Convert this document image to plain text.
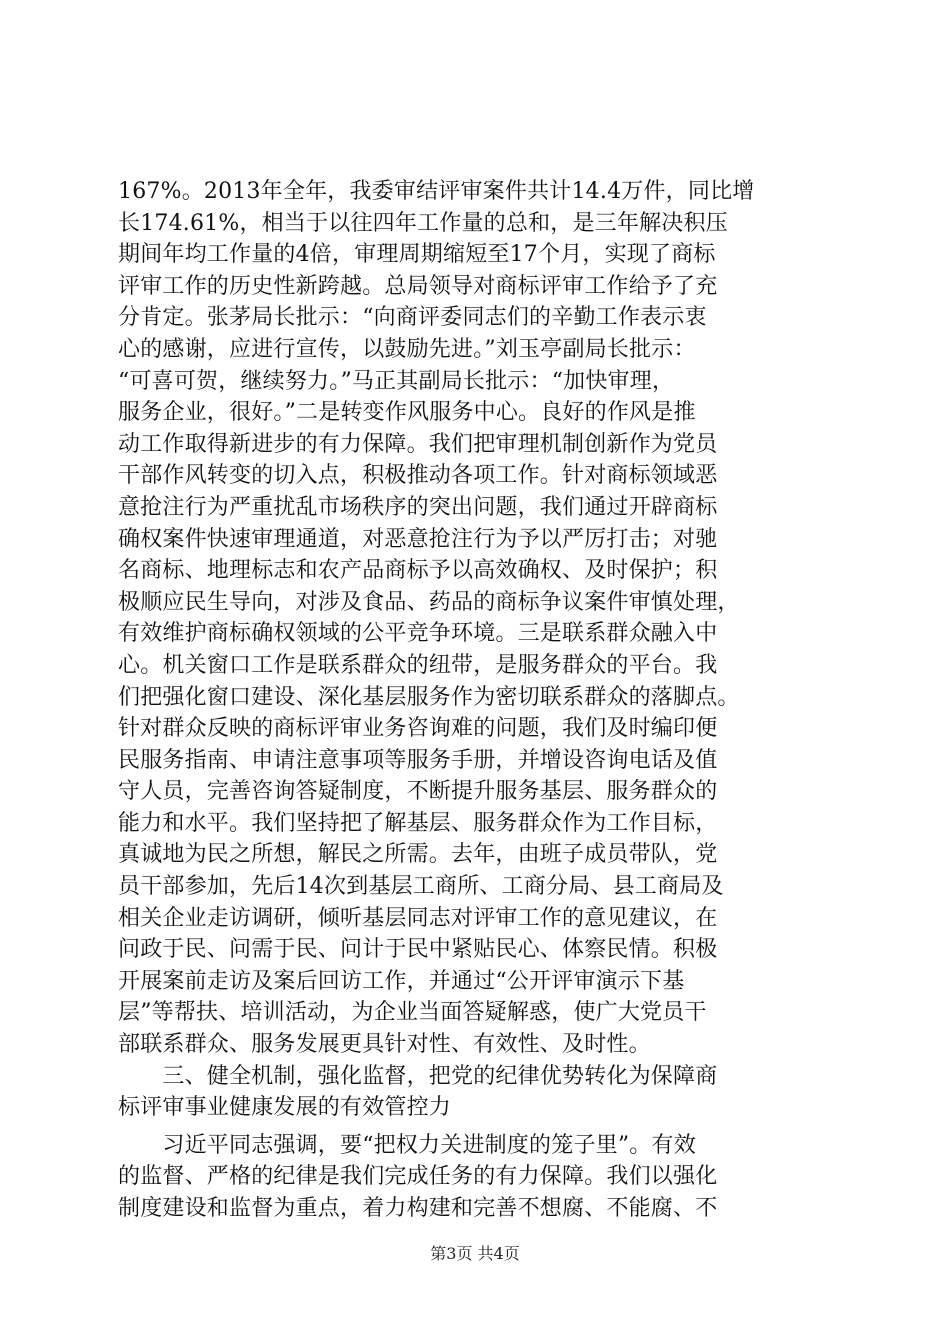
167%。2013年全年，我委审结评审案件共计14.4万件，同比增
长174.61%，相当于以往四年工作量的总和，是三年解决积压
期间年均工作量的4倍，审理周期缩短至17个月，实现了商标
评审工作的历史性新跨越。总局领导对商标评审工作给予了充
分肯定。张茅局长批示：“向商评委同志们的辛勤工作表示衷
心的感谢，应进行宣传，以鼓励先进。”刘玉亭副局长批示：
“可喜可贺，继续努力。”马正其副局长批示：“加快审理，
服务企业，很好。”二是转变作风服务中心。良好的作风是推
动工作取得新进步的有力保障。我们把审理机制创新作为党员
干部作风转变的切入点，积极推动各项工作。针对商标领域恶
意抢注行为严重扰乱市场秩序的突出问题，我们通过开辟商标
确权案件快速审理通道，对恶意抢注行为予以严厉打击；对驰
名商标、地理标志和农产品商标予以高效确权、及时保护；积
极顺应民生导向，对涉及食品、药品的商标争议案件审慎处理，
有效维护商标确权领域的公平竞争环境。三是联系群众融入中
心。机关窗口工作是联系群众的纽带，是服务群众的平台。我
们把强化窗口建设、深化基层服务作为密切联系群众的落脚点。
针对群众反映的商标评审业务咨询难的问题，我们及时编印便
民服务指南、申请注意事项等服务手册，并增设咨询电话及值
守人员，完善咨询答疑制度，不断提升服务基层、服务群众的
能力和水平。我们坚持把了解基层、服务群众作为工作目标，
真诚地为民之所想，解民之所需。去年，由班子成员带队，党
员干部参加，先后14次到基层工商所、工商分局、县工商局及
相关企业走访调研，倾听基层同志对评审工作的意见建议，在
问政于民、问需于民、问计于民中紧贴民心、体察民情。积极
开展案前走访及案后回访工作，并通过“公开评审演示下基
层”等帮扶、培训活动，为企业当面答疑解惑，使广大党员干
部联系群众、服务发展更具针对性、有效性、及时性。
　　三、健全机制，强化监督，把党的纪律优势转化为保障商
标评审事业健康发展的有效管控力
　　习近平同志强调，要“把权力关进制度的笼子里”。有效
的监督、严格的纪律是我们完成任务的有力保障。我们以强化
制度建设和监督为重点，着力构建和完善不想腐、不能腐、不
第3页 共4页
